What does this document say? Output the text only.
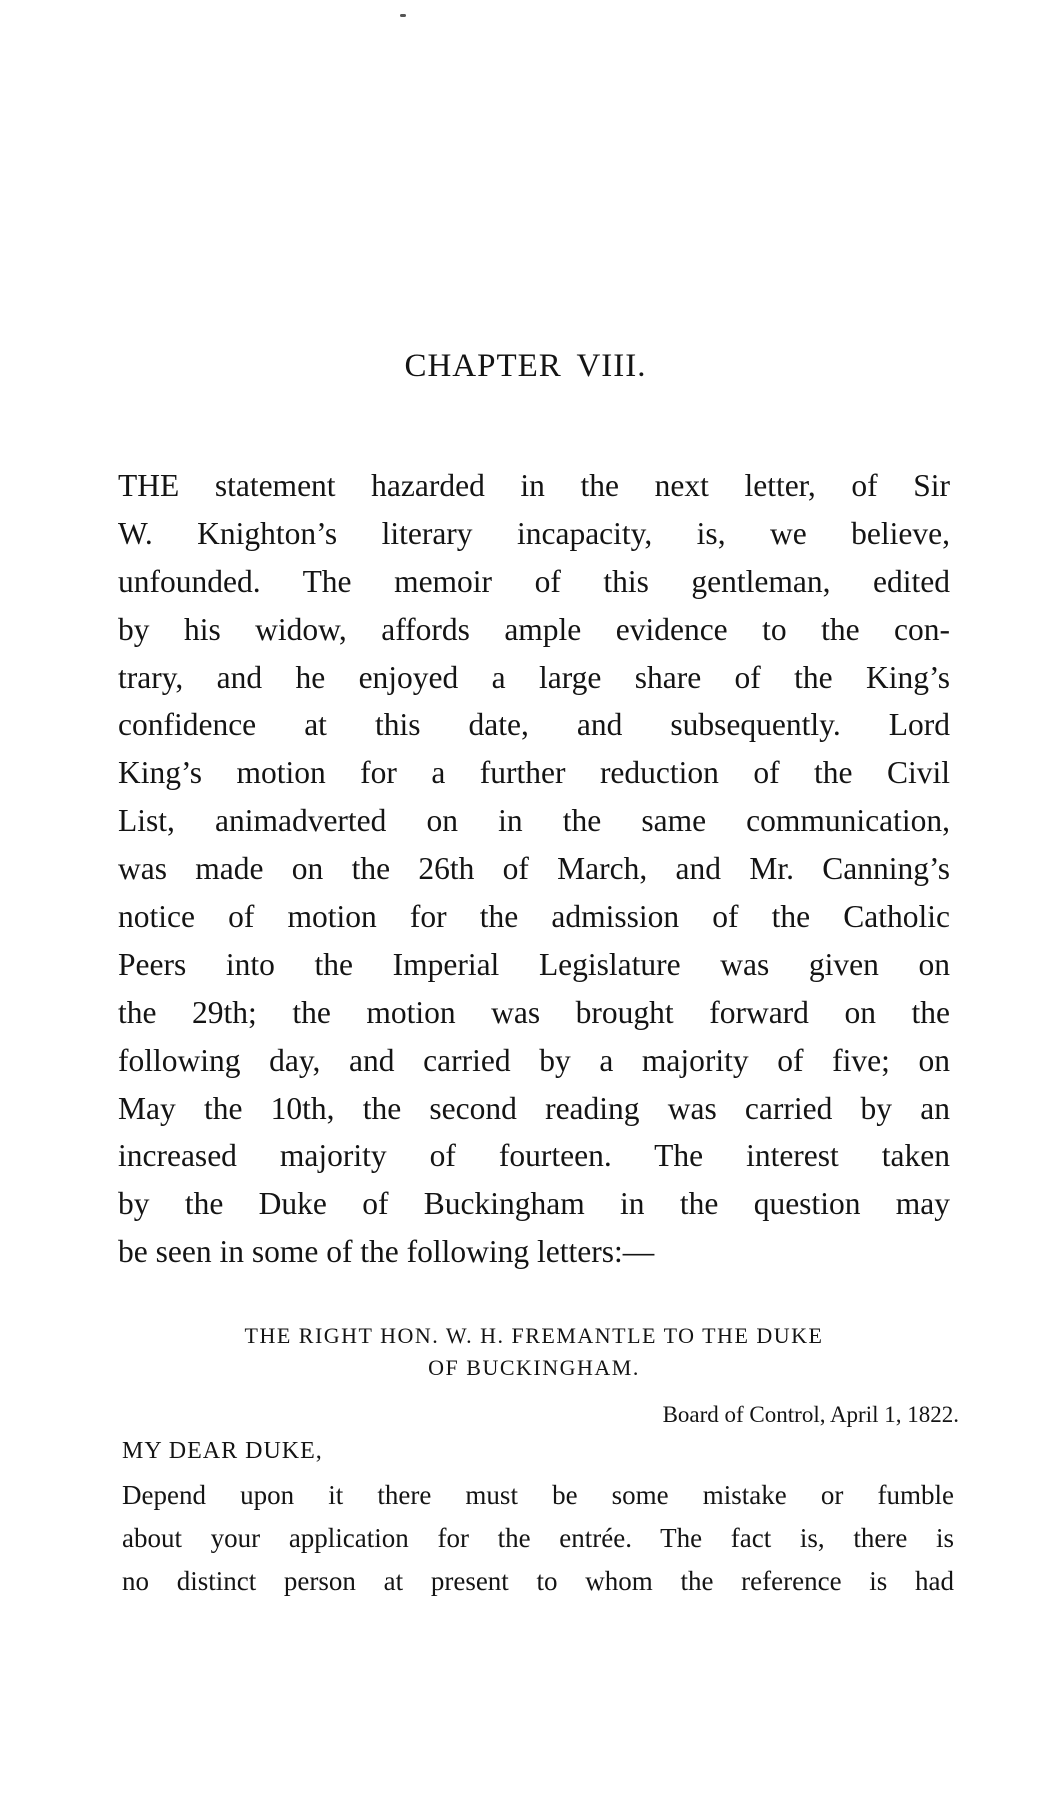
CHAPTER VIII.
THE statement hazarded in the next letter, of Sir
W. Knighton’s literary incapacity, is, we believe,
unfounded. The memoir of this gentleman, edited
by his widow, affords ample evidence to the con-
trary, and he enjoyed a large share of the King’s
confidence at this date, and subsequently. Lord
King’s motion for a further reduction of the Civil
List, animadverted on in the same communication,
was made on the 26th of March, and Mr. Canning’s
notice of motion for the admission of the Catholic
Peers into the Imperial Legislature was given on
the 29th; the motion was brought forward on the
following day, and carried by a majority of five; on
May the 10th, the second reading was carried by an
increased majority of fourteen. The interest taken
by the Duke of Buckingham in the question may
be seen in some of the following letters:—
THE RIGHT HON. W. H. FREMANTLE TO THE DUKE
OF BUCKINGHAM.
Board of Control, April 1, 1822.
MY DEAR DUKE,
Depend upon it there must be some mistake or fumble
about your application for the entrée. The fact is, there is
no distinct person at present to whom the reference is had
